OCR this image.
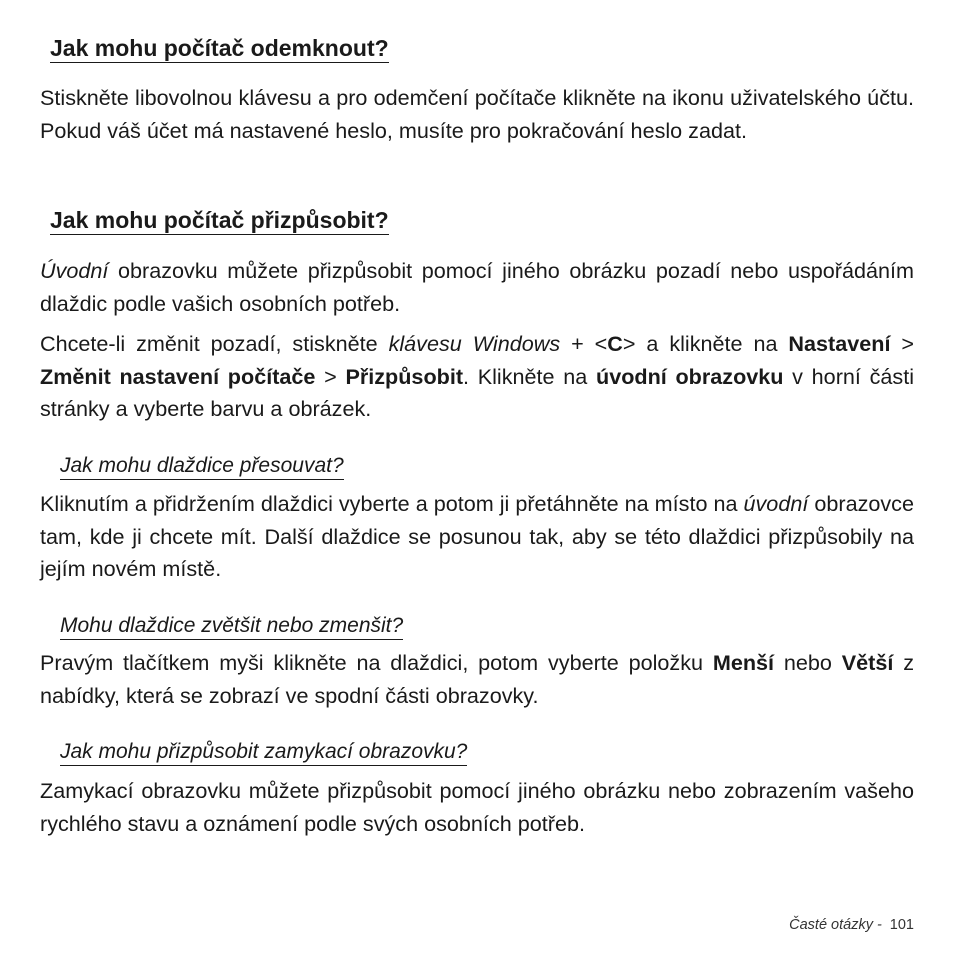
Jak mohu počítač odemknout?
Stiskněte libovolnou klávesu a pro odemčení počítače klikněte na ikonu uživatelského účtu. Pokud váš účet má nastavené heslo, musíte pro pokračování heslo zadat.
Jak mohu počítač přizpůsobit?
Úvodní obrazovku můžete přizpůsobit pomocí jiného obrázku pozadí nebo uspořádáním dlaždic podle vašich osobních potřeb.
Chcete-li změnit pozadí, stiskněte klávesu Windows + <C> a klikněte na Nastavení > Změnit nastavení počítače > Přizpůsobit. Klikněte na úvodní obrazovku v horní části stránky a vyberte barvu a obrázek.
Jak mohu dlaždice přesouvat?
Kliknutím a přidržením dlaždici vyberte a potom ji přetáhněte na místo na úvodní obrazovce tam, kde ji chcete mít. Další dlaždice se posunou tak, aby se této dlaždici přizpůsobily na jejím novém místě.
Mohu dlaždice zvětšit nebo zmenšit?
Pravým tlačítkem myši klikněte na dlaždici, potom vyberte položku Menší nebo Větší z nabídky, která se zobrazí ve spodní části obrazovky.
Jak mohu přizpůsobit zamykací obrazovku?
Zamykací obrazovku můžete přizpůsobit pomocí jiného obrázku nebo zobrazením vašeho rychlého stavu a oznámení podle svých osobních potřeb.
Časté otázky - 101
